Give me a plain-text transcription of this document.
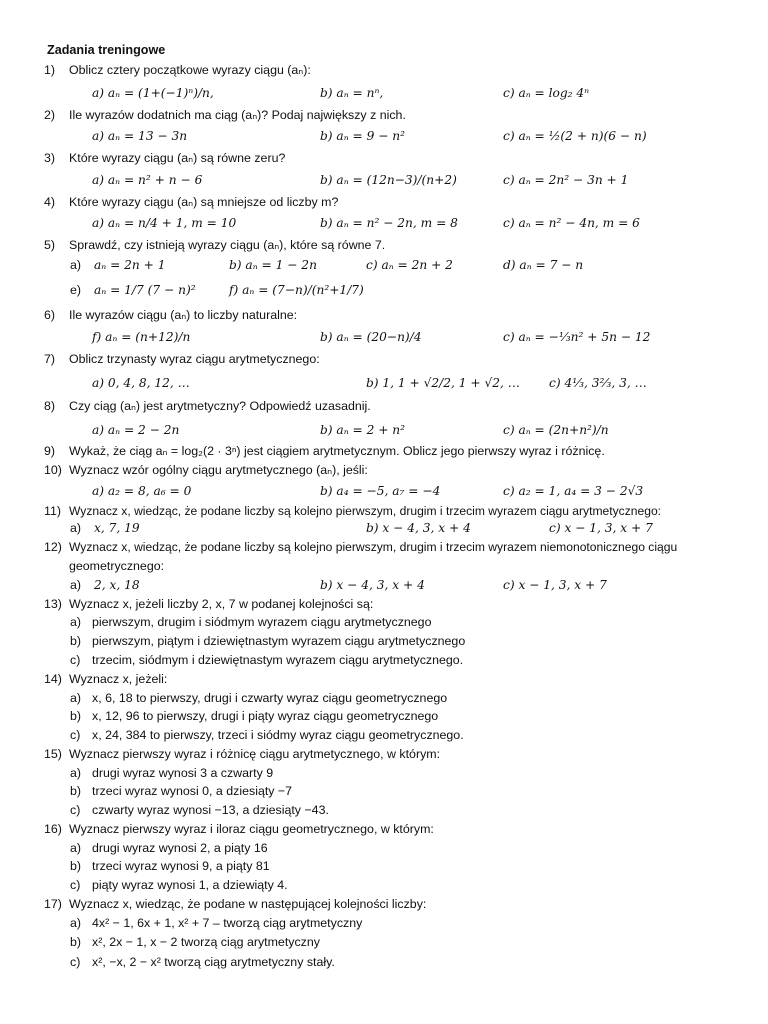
Zadania treningowe
1) Oblicz cztery początkowe wyrazy ciągu (aₙ):
a) aₙ = (1+(−1)ⁿ)/n,	b) aₙ = nⁿ,	c) aₙ = log₂ 4ⁿ
2) Ile wyrazów dodatnich ma ciąg (aₙ)? Podaj największy z nich.
a) aₙ = 13 − 3n	b) aₙ = 9 − n²	c) aₙ = ½(2 + n)(6 − n)
3) Które wyrazy ciągu (aₙ) są równe zeru?
a) aₙ = n² + n − 6	b) aₙ = (12n−3)/(n+2)	c) aₙ = 2n² − 3n + 1
4) Które wyrazy ciągu (aₙ) są mniejsze od liczby m?
a) aₙ = n/4 + 1, m = 10	b) aₙ = n² − 2n, m = 8	c) aₙ = n² − 4n, m = 6
5) Sprawdź, czy istnieją wyrazy ciągu (aₙ), które są równe 7.
a) aₙ = 2n + 1	b) aₙ = 1 − 2n	c) aₙ = 2n + 2	d) aₙ = 7 − n
e) aₙ = 1/7 (7 − n)²	f) aₙ = (7−n)/(n²+1/7)
6) Ile wyrazów ciągu (aₙ) to liczby naturalne:
f) aₙ = (n+12)/n	b) aₙ = (20−n)/4	c) aₙ = −⅓n² + 5n − 12
7) Oblicz trzynasty wyraz ciągu arytmetycznego:
a) 0, 4, 8, 12, …	b) 1, 1 + √2/2, 1 + √2, … c) 4⅓, 3⅔, 3, …
8) Czy ciąg (aₙ) jest arytmetyczny? Odpowiedź uzasadnij.
a) aₙ = 2 − 2n	b) aₙ = 2 + n²	c) aₙ = (2n+n²)/n
9) Wykaż, że ciąg aₙ = log₂(2 · 3ⁿ) jest ciągiem arytmetycznym. Oblicz jego pierwszy wyraz i różnicę.
10) Wyznacz wzór ogólny ciągu arytmetycznego (aₙ), jeśli:
a) a₂ = 8, a₆ = 0	b) a₄ = −5, a₇ = −4	c) a₂ = 1, a₄ = 3 − 2√3
11) Wyznacz x, wiedząc, że podane liczby są kolejno pierwszym, drugim i trzecim wyrazem ciągu arytmetycznego:
a) x, 7, 19	b) x − 4, 3, x + 4	c) x − 1, 3, x + 7
12) Wyznacz x, wiedząc, że podane liczby są kolejno pierwszym, drugim i trzecim wyrazem niemonotonicznego ciągu
geometrycznego:
a) 2, x, 18	b) x − 4, 3, x + 4	c) x − 1, 3, x + 7
13) Wyznacz x, jeżeli liczby 2, x, 7 w podanej kolejności są:
a) pierwszym, drugim i siódmym wyrazem ciągu arytmetycznego
b) pierwszym, piątym i dziewiętnastym wyrazem ciągu arytmetycznego
c) trzecim, siódmym i dziewiętnastym wyrazem ciągu arytmetycznego.
14) Wyznacz x, jeżeli:
a) x, 6, 18 to pierwszy, drugi i czwarty wyraz ciągu geometrycznego
b) x, 12, 96 to pierwszy, drugi i piąty wyraz ciągu geometrycznego
c) x, 24, 384 to pierwszy, trzeci i siódmy wyraz ciągu geometrycznego.
15) Wyznacz pierwszy wyraz i różnicę ciągu arytmetycznego, w którym:
a) drugi wyraz wynosi 3 a czwarty 9
b) trzeci wyraz wynosi 0, a dziesiąty −7
c) czwarty wyraz wynosi −13, a dziesiąty −43.
16) Wyznacz pierwszy wyraz i iloraz ciągu geometrycznego, w którym:
a) drugi wyraz wynosi 2, a piąty 16
b) trzeci wyraz wynosi 9, a piąty 81
c) piąty wyraz wynosi 1, a dziewiąty 4.
17) Wyznacz x, wiedząc, że podane w następującej kolejności liczby:
a) 4x² − 1, 6x + 1, x² + 7 – tworzą ciąg arytmetyczny
b) x², 2x − 1, x − 2 tworzą ciąg arytmetyczny
c) x², −x, 2 − x² tworzą ciąg arytmetyczny stały.
